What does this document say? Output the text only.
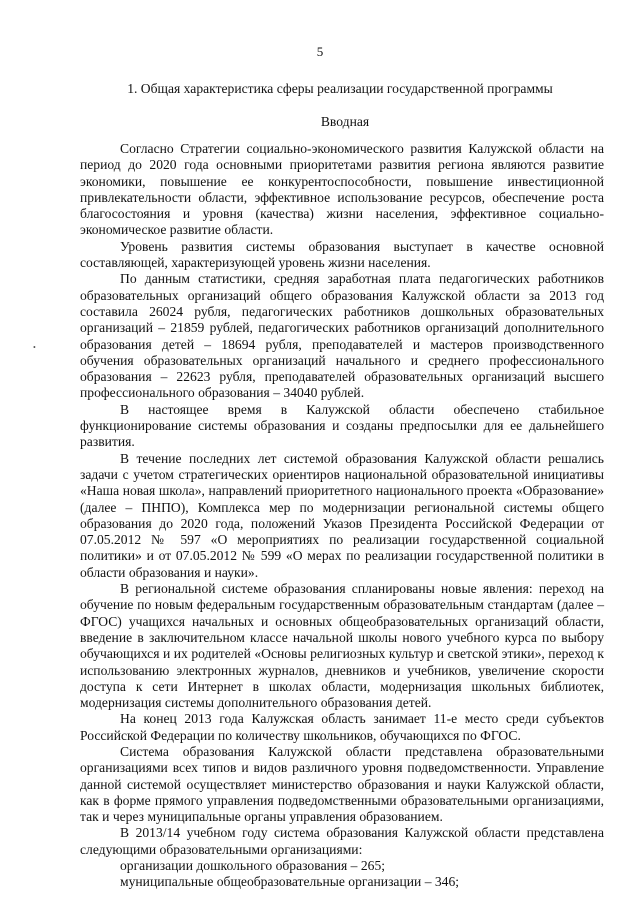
5
1. Общая характеристика сферы реализации государственной программы
Вводная
•

Согласно Стратегии социально-экономического развития Калужской области на период до 2020 года основными приоритетами развития региона являются развитие экономики, повышение ее конкурентоспособности, повышение инвестиционной привлекательности области, эффективное использование ресурсов, обеспечение роста благосостояния и уровня (качества) жизни населения, эффективное социально-экономическое развитие области.

Уровень развития системы образования выступает в качестве основной составляющей, характеризующей уровень жизни населения.

По данным статистики, средняя заработная плата педагогических работников образовательных организаций общего образования Калужской области за 2013 год составила 26024 рубля, педагогических работников дошкольных образовательных организаций – 21859 рублей, педагогических работников организаций дополнительного образования детей – 18694 рубля, преподавателей и мастеров производственного обучения образовательных организаций начального и среднего профессионального образования – 22623 рубля, преподавателей образовательных организаций высшего профессионального образования – 34040 рублей.

В настоящее время в Калужской области обеспечено стабильное функционирование системы образования и созданы предпосылки для ее дальнейшего развития.

В течение последних лет системой образования Калужской области решались задачи с учетом стратегических ориентиров национальной образовательной инициативы «Наша новая школа», направлений приоритетного национального проекта «Образование» (далее – ПНПО), Комплекса мер по модернизации региональной системы общего образования до 2020 года, положений Указов Президента Российской Федерации от 07.05.2012 № 597 «О мероприятиях по реализации государственной социальной политики» и от 07.05.2012 № 599 «О мерах по реализации государственной политики в области образования и науки».

В региональной системе образования спланированы новые явления: переход на обучение по новым федеральным государственным образовательным стандартам (далее – ФГОС) учащихся начальных и основных общеобразовательных организаций области, введение в заключительном классе начальной школы нового учебного курса по выбору обучающихся и их родителей «Основы религиозных культур и светской этики», переход к использованию электронных журналов, дневников и учебников, увеличение скорости доступа к сети Интернет в школах области, модернизация школьных библиотек, модернизация системы дополнительного образования детей.

На конец 2013 года Калужская область занимает 11-е место среди субъектов Российской Федерации по количеству школьников, обучающихся по ФГОС.

Система образования Калужской области представлена образовательными организациями всех типов и видов различного уровня подведомственности. Управление данной системой осуществляет министерство образования и науки Калужской области, как в форме прямого управления подведомственными образовательными организациями, так и через муниципальные органы управления образованием.

В 2013/14 учебном году система образования Калужской области представлена следующими образовательными организациями:

организации дошкольного образования – 265;

муниципальные общеобразовательные организации – 346;
